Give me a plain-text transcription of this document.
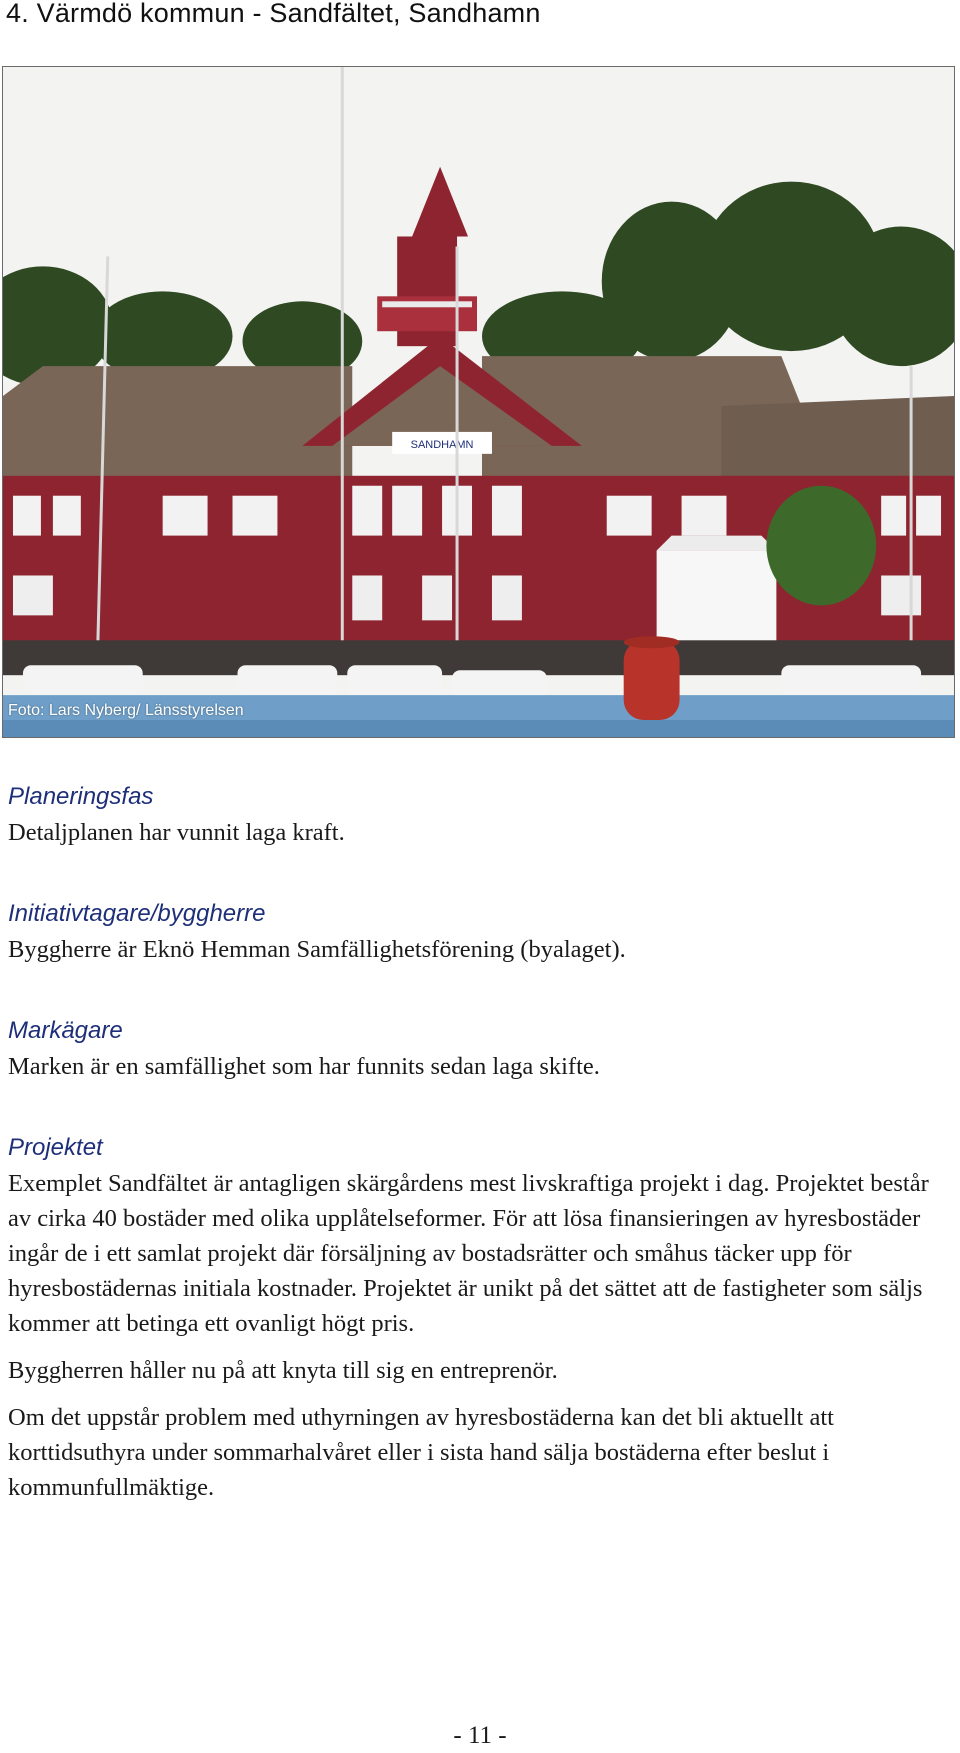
4. Värmdö kommun - Sandfältet, Sandhamn
SANDHAMN
Foto: Lars Nyberg/ Länsstyrelsen
Planeringsfas

Detaljplanen har vunnit laga kraft.

Initiativtagare/byggherre

Byggherre är Eknö Hemman Samfällighetsförening (byalaget).

Markägare

Marken är en samfällighet som har funnits sedan laga skifte.

Projektet

Exemplet Sandfältet är antagligen skärgårdens mest livskraftiga projekt i dag. Projektet består av cirka 40 bostäder med olika upplåtelseformer. För att lösa finansieringen av hyresbostäder ingår de i ett samlat projekt där försäljning av bostadsrätter och småhus täcker upp för hyresbostädernas initiala kostnader. Projektet är unikt på det sättet att de fastigheter som säljs kommer att betinga ett ovanligt högt pris.

Byggherren håller nu på att knyta till sig en entreprenör.

Om det uppstår problem med uthyrningen av hyresbostäderna kan det bli aktuellt att korttidsuthyra under sommarhalvåret eller i sista hand sälja bostäderna efter beslut i kommunfullmäktige.

- 11 -
